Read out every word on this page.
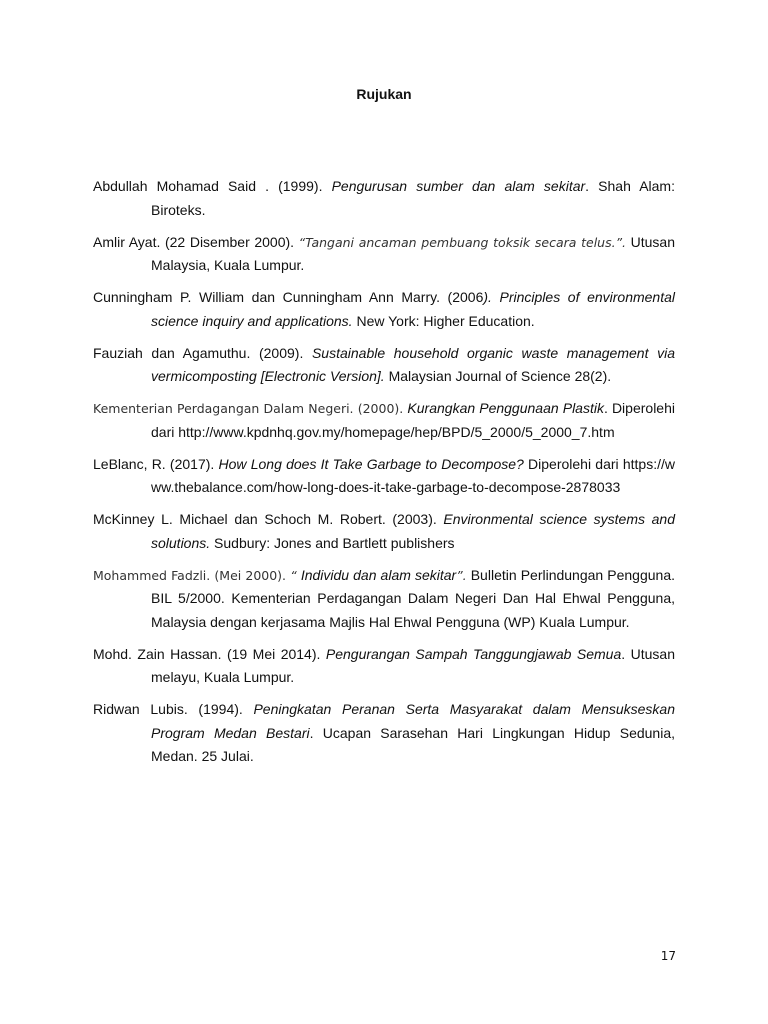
Rujukan

Abdullah Mohamad Said . (1999). Pengurusan sumber dan alam sekitar. Shah Alam: Biroteks.

Amlir Ayat. (22 Disember 2000). “Tangani ancaman pembuang toksik secara telus.”. Utusan Malaysia, Kuala Lumpur.

Cunningham P. William dan Cunningham Ann Marry. (2006). Principles of environmental science inquiry and applications. New York: Higher Education.

Fauziah dan Agamuthu. (2009). Sustainable household organic waste management via vermicomposting [Electronic Version]. Malaysian Journal of Science 28(2).

Kementerian Perdagangan Dalam Negeri. (2000). Kurangkan Penggunaan Plastik. Diperolehi dari http://www.kpdnhq.gov.my/homepage/hep/BPD/5_2000/5_2000_7.htm

LeBlanc, R. (2017). How Long does It Take Garbage to Decompose? Diperolehi dari https://www.thebalance.com/how-long-does-it-take-garbage-to-decompose-2878033

McKinney L. Michael dan Schoch M. Robert. (2003). Environmental science systems and solutions. Sudbury: Jones and Bartlett publishers

Mohammed Fadzli. (Mei 2000). “ Individu dan alam sekitar”. Bulletin Perlindungan Pengguna. BIL 5/2000. Kementerian Perdagangan Dalam Negeri Dan Hal Ehwal Pengguna, Malaysia dengan kerjasama Majlis Hal Ehwal Pengguna (WP) Kuala Lumpur.

Mohd. Zain Hassan. (19 Mei 2014). Pengurangan Sampah Tanggungjawab Semua. Utusan melayu, Kuala Lumpur.

Ridwan Lubis. (1994). Peningkatan Peranan Serta Masyarakat dalam Mensukseskan Program Medan Bestari. Ucapan Sarasehan Hari Lingkungan Hidup Sedunia, Medan. 25 Julai.

17
